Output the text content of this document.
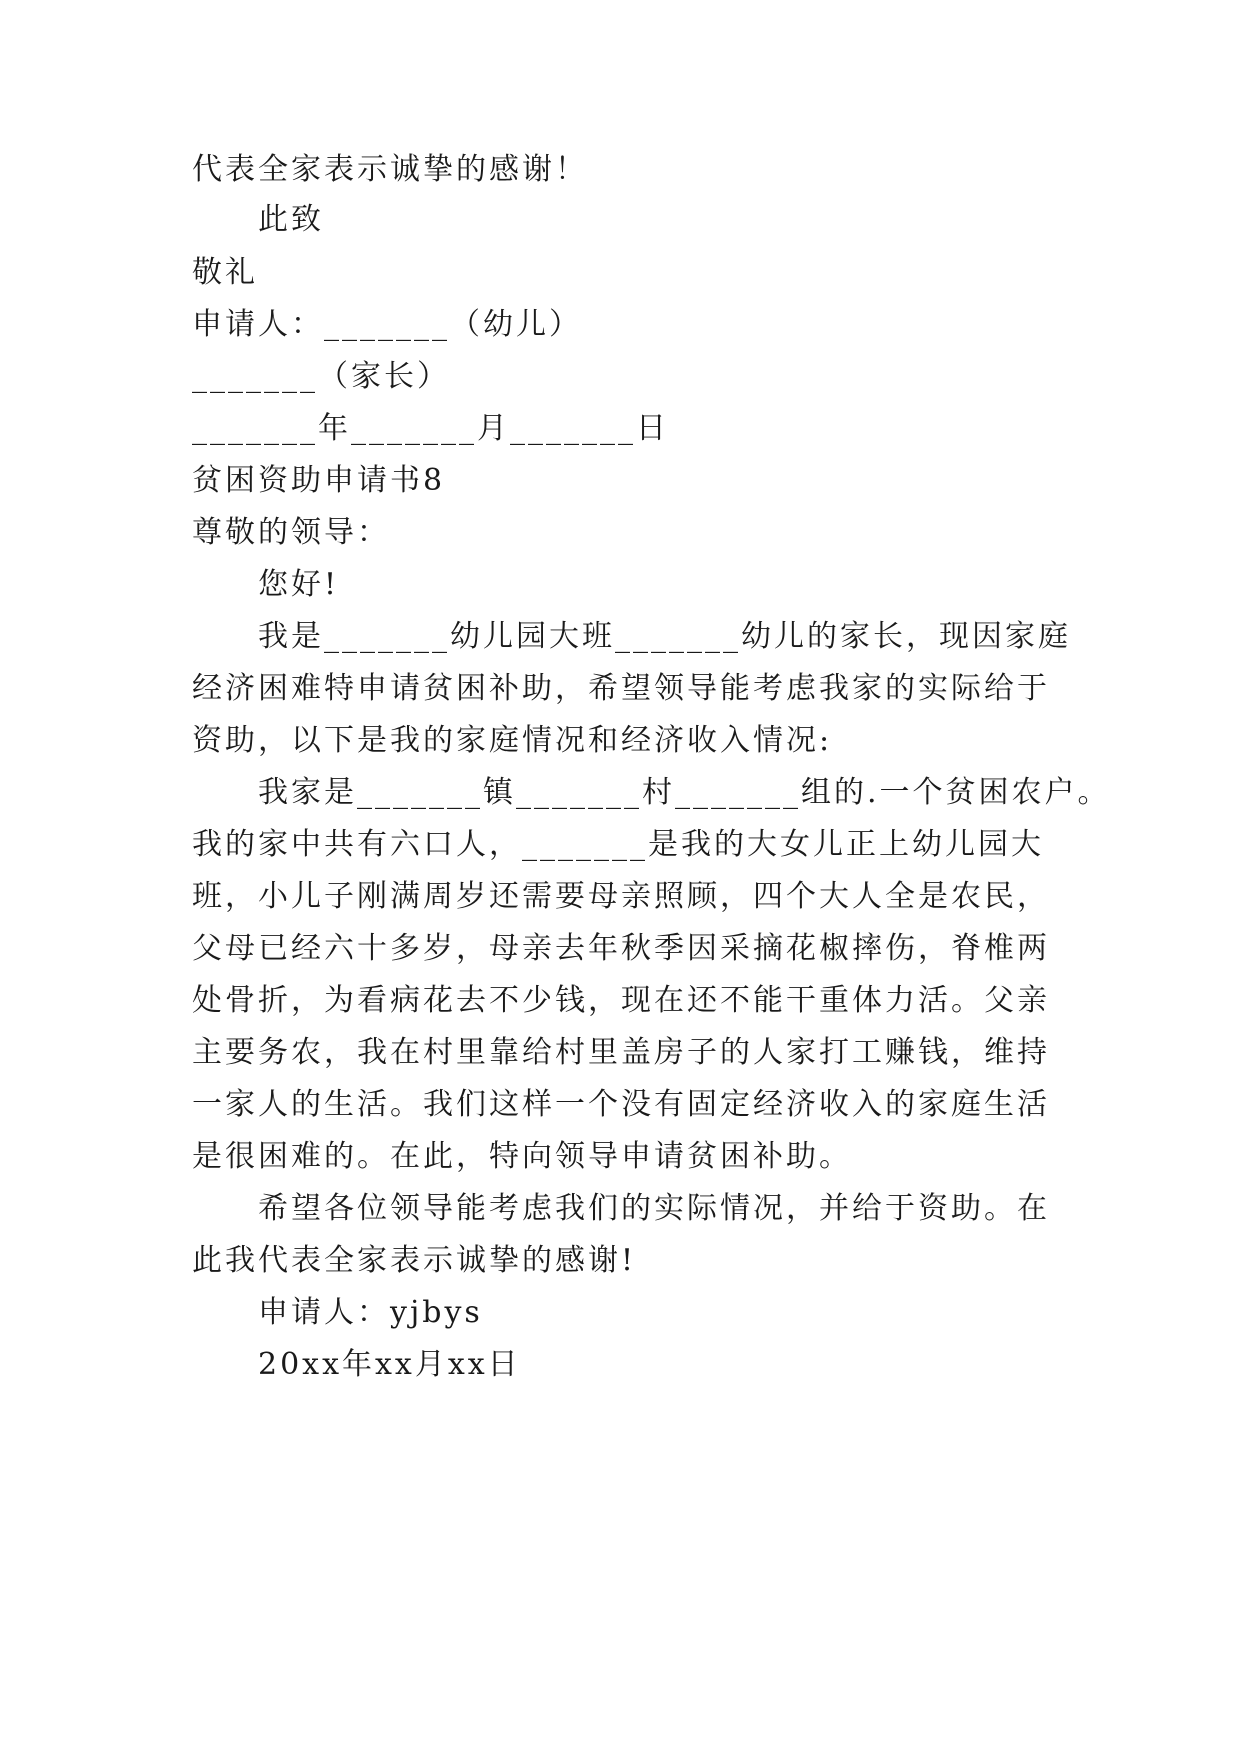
代表全家表示诚挚的感谢！
此致
敬礼
申请人：_______（幼儿）
_______（家长）
_______年_______月_______日
贫困资助申请书8
尊敬的领导：
您好!
我是_______幼儿园大班_______幼儿的家长，现因家庭
经济困难特申请贫困补助，希望领导能考虑我家的实际给于
资助，以下是我的家庭情况和经济收入情况:
我家是_______镇_______村_______组的.一个贫困农户。
我的家中共有六口人，_______是我的大女儿正上幼儿园大
班，小儿子刚满周岁还需要母亲照顾，四个大人全是农民，
父母已经六十多岁，母亲去年秋季因采摘花椒摔伤，脊椎两
处骨折，为看病花去不少钱，现在还不能干重体力活。父亲
主要务农，我在村里靠给村里盖房子的人家打工赚钱，维持
一家人的生活。我们这样一个没有固定经济收入的家庭生活
是很困难的。在此，特向领导申请贫困补助。
希望各位领导能考虑我们的实际情况，并给于资助。在
此我代表全家表示诚挚的感谢!
申请人：yjbys
20xx年xx月xx日
